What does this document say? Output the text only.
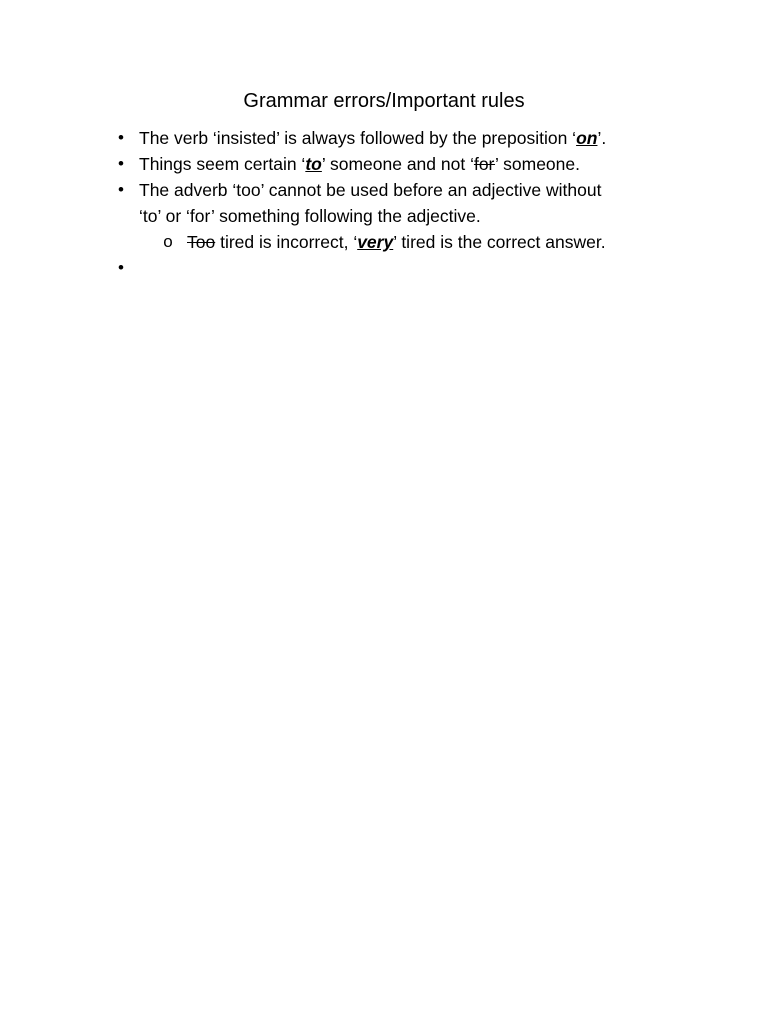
Grammar errors/Important rules
• The verb ‘insisted’ is always followed by the preposition ‘on’.
• Things seem certain ‘to’ someone and not ‘for’ someone.
• The adverb ‘too’ cannot be used before an adjective without
‘to’ or ‘for’ something following the adjective.
o Too tired is incorrect, ‘very’ tired is the correct answer.
•
